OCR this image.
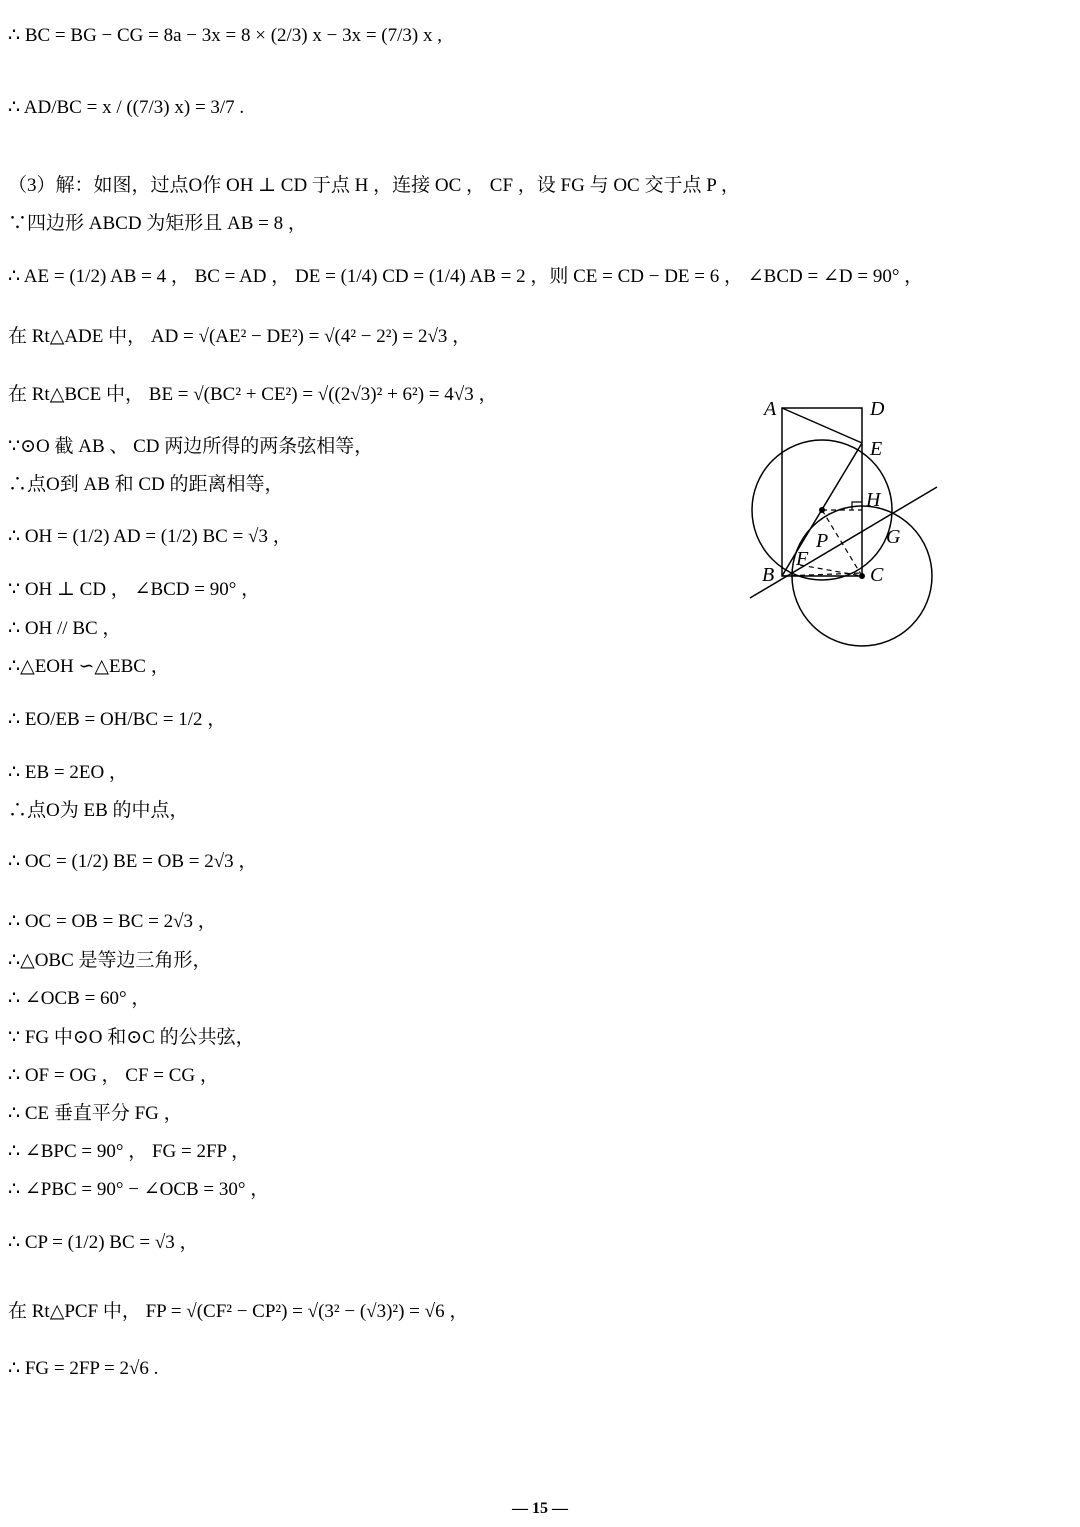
∴ BC = BG − CG = 8a − 3x = 8 × (2/3) x − 3x = (7/3) x ,
∴ AD/BC = x / ((7/3) x) = 3/7 .
（3）解：如图，过点O作 OH ⊥ CD 于点 H ，连接 OC ， CF ，设 FG 与 OC 交于点 P ，
∵四边形 ABCD 为矩形且 AB = 8 ，
∴ AE = (1/2) AB = 4 ， BC = AD ， DE = (1/4) CD = (1/4) AB = 2 ，则 CE = CD − DE = 6 ， ∠BCD = ∠D = 90° ，
在 Rt△ADE 中， AD = √(AE² − DE²) = √(4² − 2²) = 2√3 ，
在 Rt△BCE 中， BE = √(BC² + CE²) = √((2√3)² + 6²) = 4√3 ，
∵⊙O 截 AB 、 CD 两边所得的两条弦相等，
∴点O到 AB 和 CD 的距离相等，
∴ OH = (1/2) AD = (1/2) BC = √3 ，
∵ OH ⊥ CD ， ∠BCD = 90° ，
∴ OH // BC ，
∴△EOH ∽△EBC ，
∴ EO/EB = OH/BC = 1/2 ，
∴ EB = 2EO ，
∴点O为 EB 的中点，
∴ OC = (1/2) BE = OB = 2√3 ，
∴ OC = OB = BC = 2√3 ，
∴△OBC 是等边三角形，
∴ ∠OCB = 60° ，
∵ FG 中⊙O 和⊙C 的公共弦，
∴ OF = OG ， CF = CG ，
∴ CE 垂直平分 FG ，
∴ ∠BPC = 90° ， FG = 2FP ，
∴ ∠PBC = 90° − ∠OCB = 30° ，
∴ CP = (1/2) BC = √3 ，
在 Rt△PCF 中， FP = √(CF² − CP²) = √(3² − (√3)²) = √6 ，
∴ FG = 2FP = 2√6 .
A	D
E
H
G
P
F
B	C
— 15 —
